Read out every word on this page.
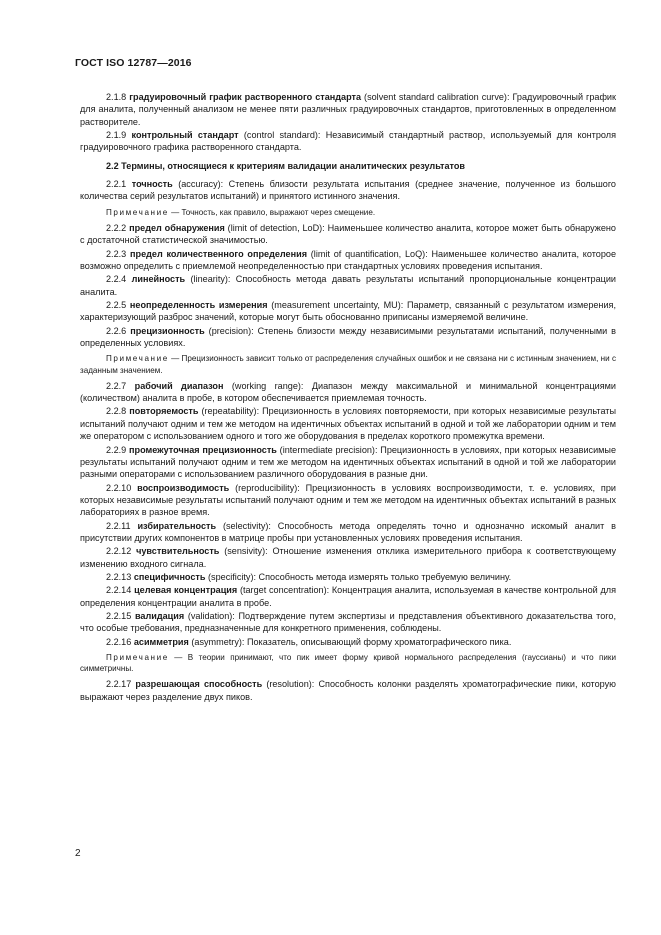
ГОСТ ISO 12787—2016

2.1.8 градуировочный график растворенного стандарта (solvent standard calibration curve): Градуировочный график для аналита, полученный анализом не менее пяти различных градуировочных стандартов, приготовленных в определенном растворителе.

2.1.9 контрольный стандарт (control standard): Независимый стандартный раствор, используемый для контроля градуировочного графика растворенного стандарта.

2.2 Термины, относящиеся к критериям валидации аналитических результатов

2.2.1 точность (accuracy): Степень близости результата испытания (среднее значение, полученное из большого количества серий результатов испытаний) и принятого истинного значения.

Примечание — Точность, как правило, выражают через смещение.

2.2.2 предел обнаружения (limit of detection, LoD): Наименьшее количество аналита, которое может быть обнаружено с достаточной статистической значимостью.

2.2.3 предел количественного определения (limit of quantification, LoQ): Наименьшее количество аналита, которое возможно определить с приемлемой неопределенностью при стандартных условиях проведения испытания.

2.2.4 линейность (linearity): Способность метода давать результаты испытаний пропорциональные концентрации аналита.

2.2.5 неопределенность измерения (measurement uncertainty, MU): Параметр, связанный с результатом измерения, характеризующий разброс значений, которые могут быть обоснованно приписаны измеряемой величине.

2.2.6 прецизионность (precision): Степень близости между независимыми результатами испытаний, полученными в определенных условиях.

Примечание — Прецизионность зависит только от распределения случайных ошибок и не связана ни с истинным значением, ни с заданным значением.

2.2.7 рабочий диапазон (working range): Диапазон между максимальной и минимальной концентрациями (количеством) аналита в пробе, в котором обеспечивается приемлемая точность.

2.2.8 повторяемость (repeatability): Прецизионность в условиях повторяемости, при которых независимые результаты испытаний получают одним и тем же методом на идентичных объектах испытаний в одной и той же лаборатории одним и тем же оператором с использованием одного и того же оборудования в пределах короткого промежутка времени.

2.2.9 промежуточная прецизионность (intermediate precision): Прецизионность в условиях, при которых независимые результаты испытаний получают одним и тем же методом на идентичных объектах испытаний в одной и той же лаборатории разными операторами с использованием различного оборудования в разные дни.

2.2.10 воспроизводимость (reproducibility): Прецизионность в условиях воспроизводимости, т. е. условиях, при которых независимые результаты испытаний получают одним и тем же методом на идентичных объектах испытаний в разных лабораториях в разное время.

2.2.11 избирательность (selectivity): Способность метода определять точно и однозначно искомый аналит в присутствии других компонентов в матрице пробы при установленных условиях проведения испытания.

2.2.12 чувствительность (sensivity): Отношение изменения отклика измерительного прибора к соответствующему изменению входного сигнала.

2.2.13 специфичность (specificity): Способность метода измерять только требуемую величину.

2.2.14 целевая концентрация (target concentration): Концентрация аналита, используемая в качестве контрольной для определения концентрации аналита в пробе.

2.2.15 валидация (validation): Подтверждение путем экспертизы и представления объективного доказательства того, что особые требования, предназначенные для конкретного применения, соблюдены.

2.2.16 асимметрия (asymmetry): Показатель, описывающий форму хроматографического пика.

Примечание — В теории принимают, что пик имеет форму кривой нормального распределения (гауссианы) и что пики симметричны.

2.2.17 разрешающая способность (resolution): Способность колонки разделять хроматографические пики, которую выражают через разделение двух пиков.

2
